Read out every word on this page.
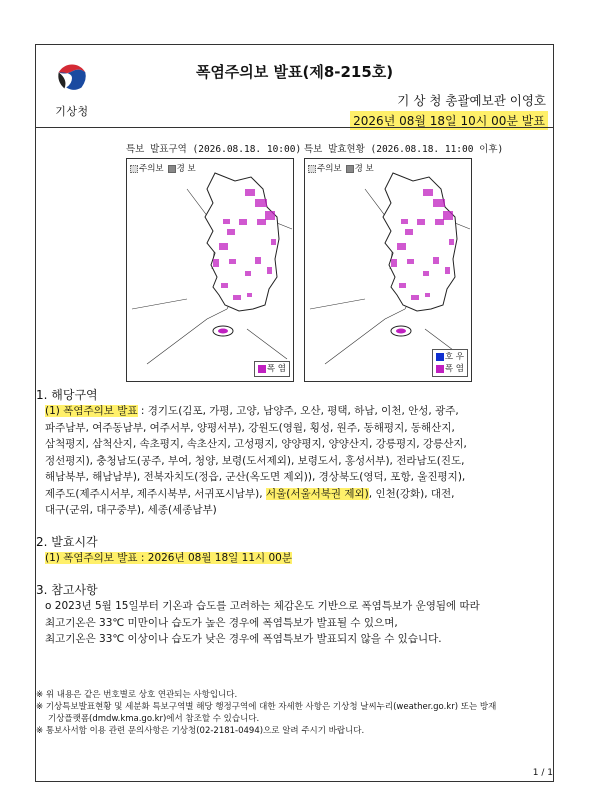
기상청
폭염주의보 발표(제8-215호)
기 상 청 총괄예보관 이영호
2026년 08월 18일 10시 00분 발표
특보 발표구역 (2026.08.18. 10:00)
주의보	경 보
폭 염
특보 발효현황 (2026.08.18. 11:00 이후)
주의보	경 보
호 우
폭 염
1. 해당구역
(1) 폭염주의보 발표 : 경기도(김포, 가평, 고양, 남양주, 오산, 평택, 하남, 이천, 안성, 광주,
파주남부, 여주동남부, 여주서부, 양평서부), 강원도(영월, 횡성, 원주, 동해평지, 동해산지,
삼척평지, 삼척산지, 속초평지, 속초산지, 고성평지, 양양평지, 양양산지, 강릉평지, 강릉산지,
정선평지), 충청남도(공주, 부여, 청양, 보령(도서제외), 보령도서, 홍성서부), 전라남도(진도,
해남북부, 해남남부), 전북자치도(정읍, 군산(옥도면 제외)), 경상북도(영덕, 포항, 울진평지),
제주도(제주시서부, 제주시북부, 서귀포시남부), 서울(서울서북권 제외), 인천(강화), 대전,
대구(군위, 대구중부), 세종(세종남부)
2. 발효시각
(1) 폭염주의보 발표 : 2026년 08월 18일 11시 00분
3. 참고사항
o 2023년 5월 15일부터 기온과 습도를 고려하는 체감온도 기반으로 폭염특보가 운영됨에 따라
최고기온은 33℃ 미만이나 습도가 높은 경우에 폭염특보가 발표될 수 있으며,
최고기온은 33℃ 이상이나 습도가 낮은 경우에 폭염특보가 발표되지 않을 수 있습니다.
※ 위 내용은 같은 번호별로 상호 연관되는 사항입니다.
※ 기상특보발표현황 및 세분화 특보구역별 해당 행정구역에 대한 자세한 사항은 기상청 날씨누리(weather.go.kr) 또는 방재
기상플랫폼(dmdw.kma.go.kr)에서 참조할 수 있습니다.
※ 통보사서함 이용 관련 문의사항은 기상청(02-2181-0494)으로 알려 주시기 바랍니다.
1 / 1
